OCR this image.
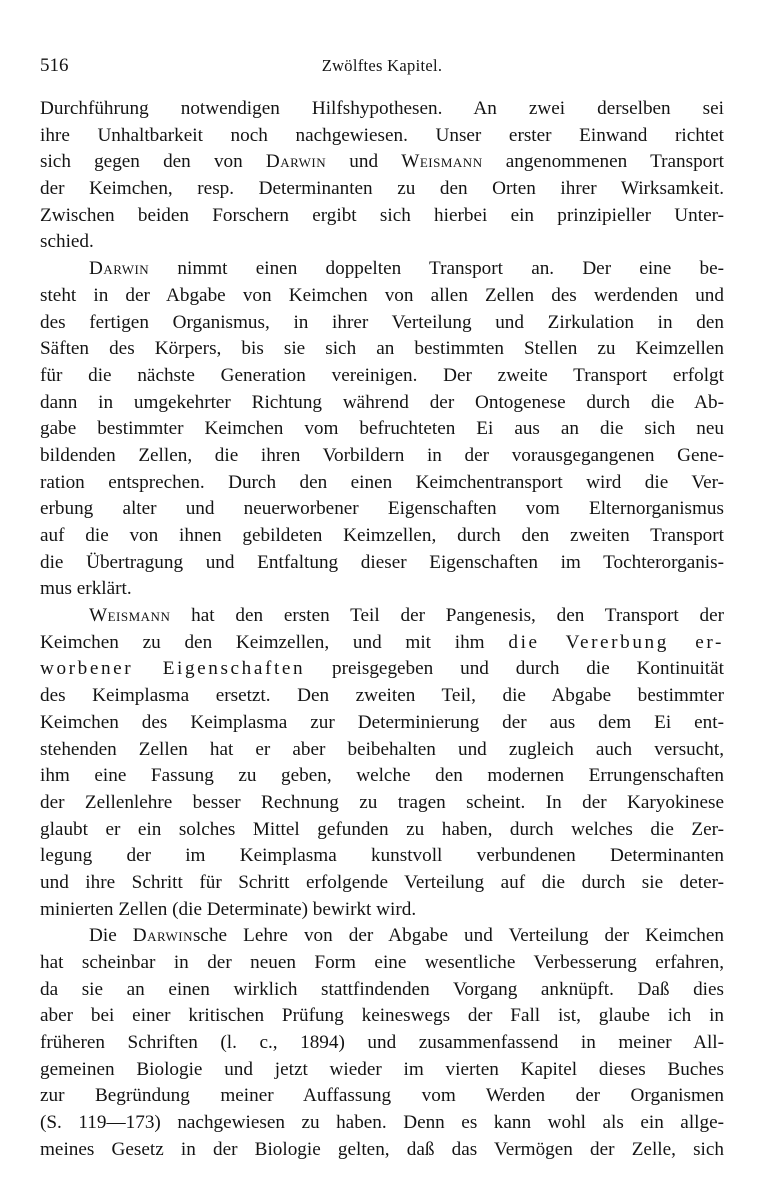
516	Zwölftes Kapitel.
Durchführung notwendigen Hilfshypothesen. An zwei derselben sei
ihre Unhaltbarkeit noch nachgewiesen. Unser erster Einwand richtet
sich gegen den von Darwin und Weismann angenommenen Transport
der Keimchen, resp. Determinanten zu den Orten ihrer Wirksamkeit.
Zwischen beiden Forschern ergibt sich hierbei ein prinzipieller Unter-
schied.
Darwin nimmt einen doppelten Transport an. Der eine be-
steht in der Abgabe von Keimchen von allen Zellen des werdenden und
des fertigen Organismus, in ihrer Verteilung und Zirkulation in den
Säften des Körpers, bis sie sich an bestimmten Stellen zu Keimzellen
für die nächste Generation vereinigen. Der zweite Transport erfolgt
dann in umgekehrter Richtung während der Ontogenese durch die Ab-
gabe bestimmter Keimchen vom befruchteten Ei aus an die sich neu
bildenden Zellen, die ihren Vorbildern in der vorausgegangenen Gene-
ration entsprechen. Durch den einen Keimchentransport wird die Ver-
erbung alter und neuerworbener Eigenschaften vom Elternorganismus
auf die von ihnen gebildeten Keimzellen, durch den zweiten Transport
die Übertragung und Entfaltung dieser Eigenschaften im Tochterorganis-
mus erklärt.
Weismann hat den ersten Teil der Pangenesis, den Transport der
Keimchen zu den Keimzellen, und mit ihm die Vererbung er-
worbener Eigenschaften preisgegeben und durch die Kontinuität
des Keimplasma ersetzt. Den zweiten Teil, die Abgabe bestimmter
Keimchen des Keimplasma zur Determinierung der aus dem Ei ent-
stehenden Zellen hat er aber beibehalten und zugleich auch versucht,
ihm eine Fassung zu geben, welche den modernen Errungenschaften
der Zellenlehre besser Rechnung zu tragen scheint. In der Karyokinese
glaubt er ein solches Mittel gefunden zu haben, durch welches die Zer-
legung der im Keimplasma kunstvoll verbundenen Determinanten
und ihre Schritt für Schritt erfolgende Verteilung auf die durch sie deter-
minierten Zellen (die Determinate) bewirkt wird.
Die Darwinsche Lehre von der Abgabe und Verteilung der Keimchen
hat scheinbar in der neuen Form eine wesentliche Verbesserung erfahren,
da sie an einen wirklich stattfindenden Vorgang anknüpft. Daß dies
aber bei einer kritischen Prüfung keineswegs der Fall ist, glaube ich in
früheren Schriften (l. c., 1894) und zusammenfassend in meiner All-
gemeinen Biologie und jetzt wieder im vierten Kapitel dieses Buches
zur Begründung meiner Auffassung vom Werden der Organismen
(S. 119—173) nachgewiesen zu haben. Denn es kann wohl als ein allge-
meines Gesetz in der Biologie gelten, daß das Vermögen der Zelle, sich
